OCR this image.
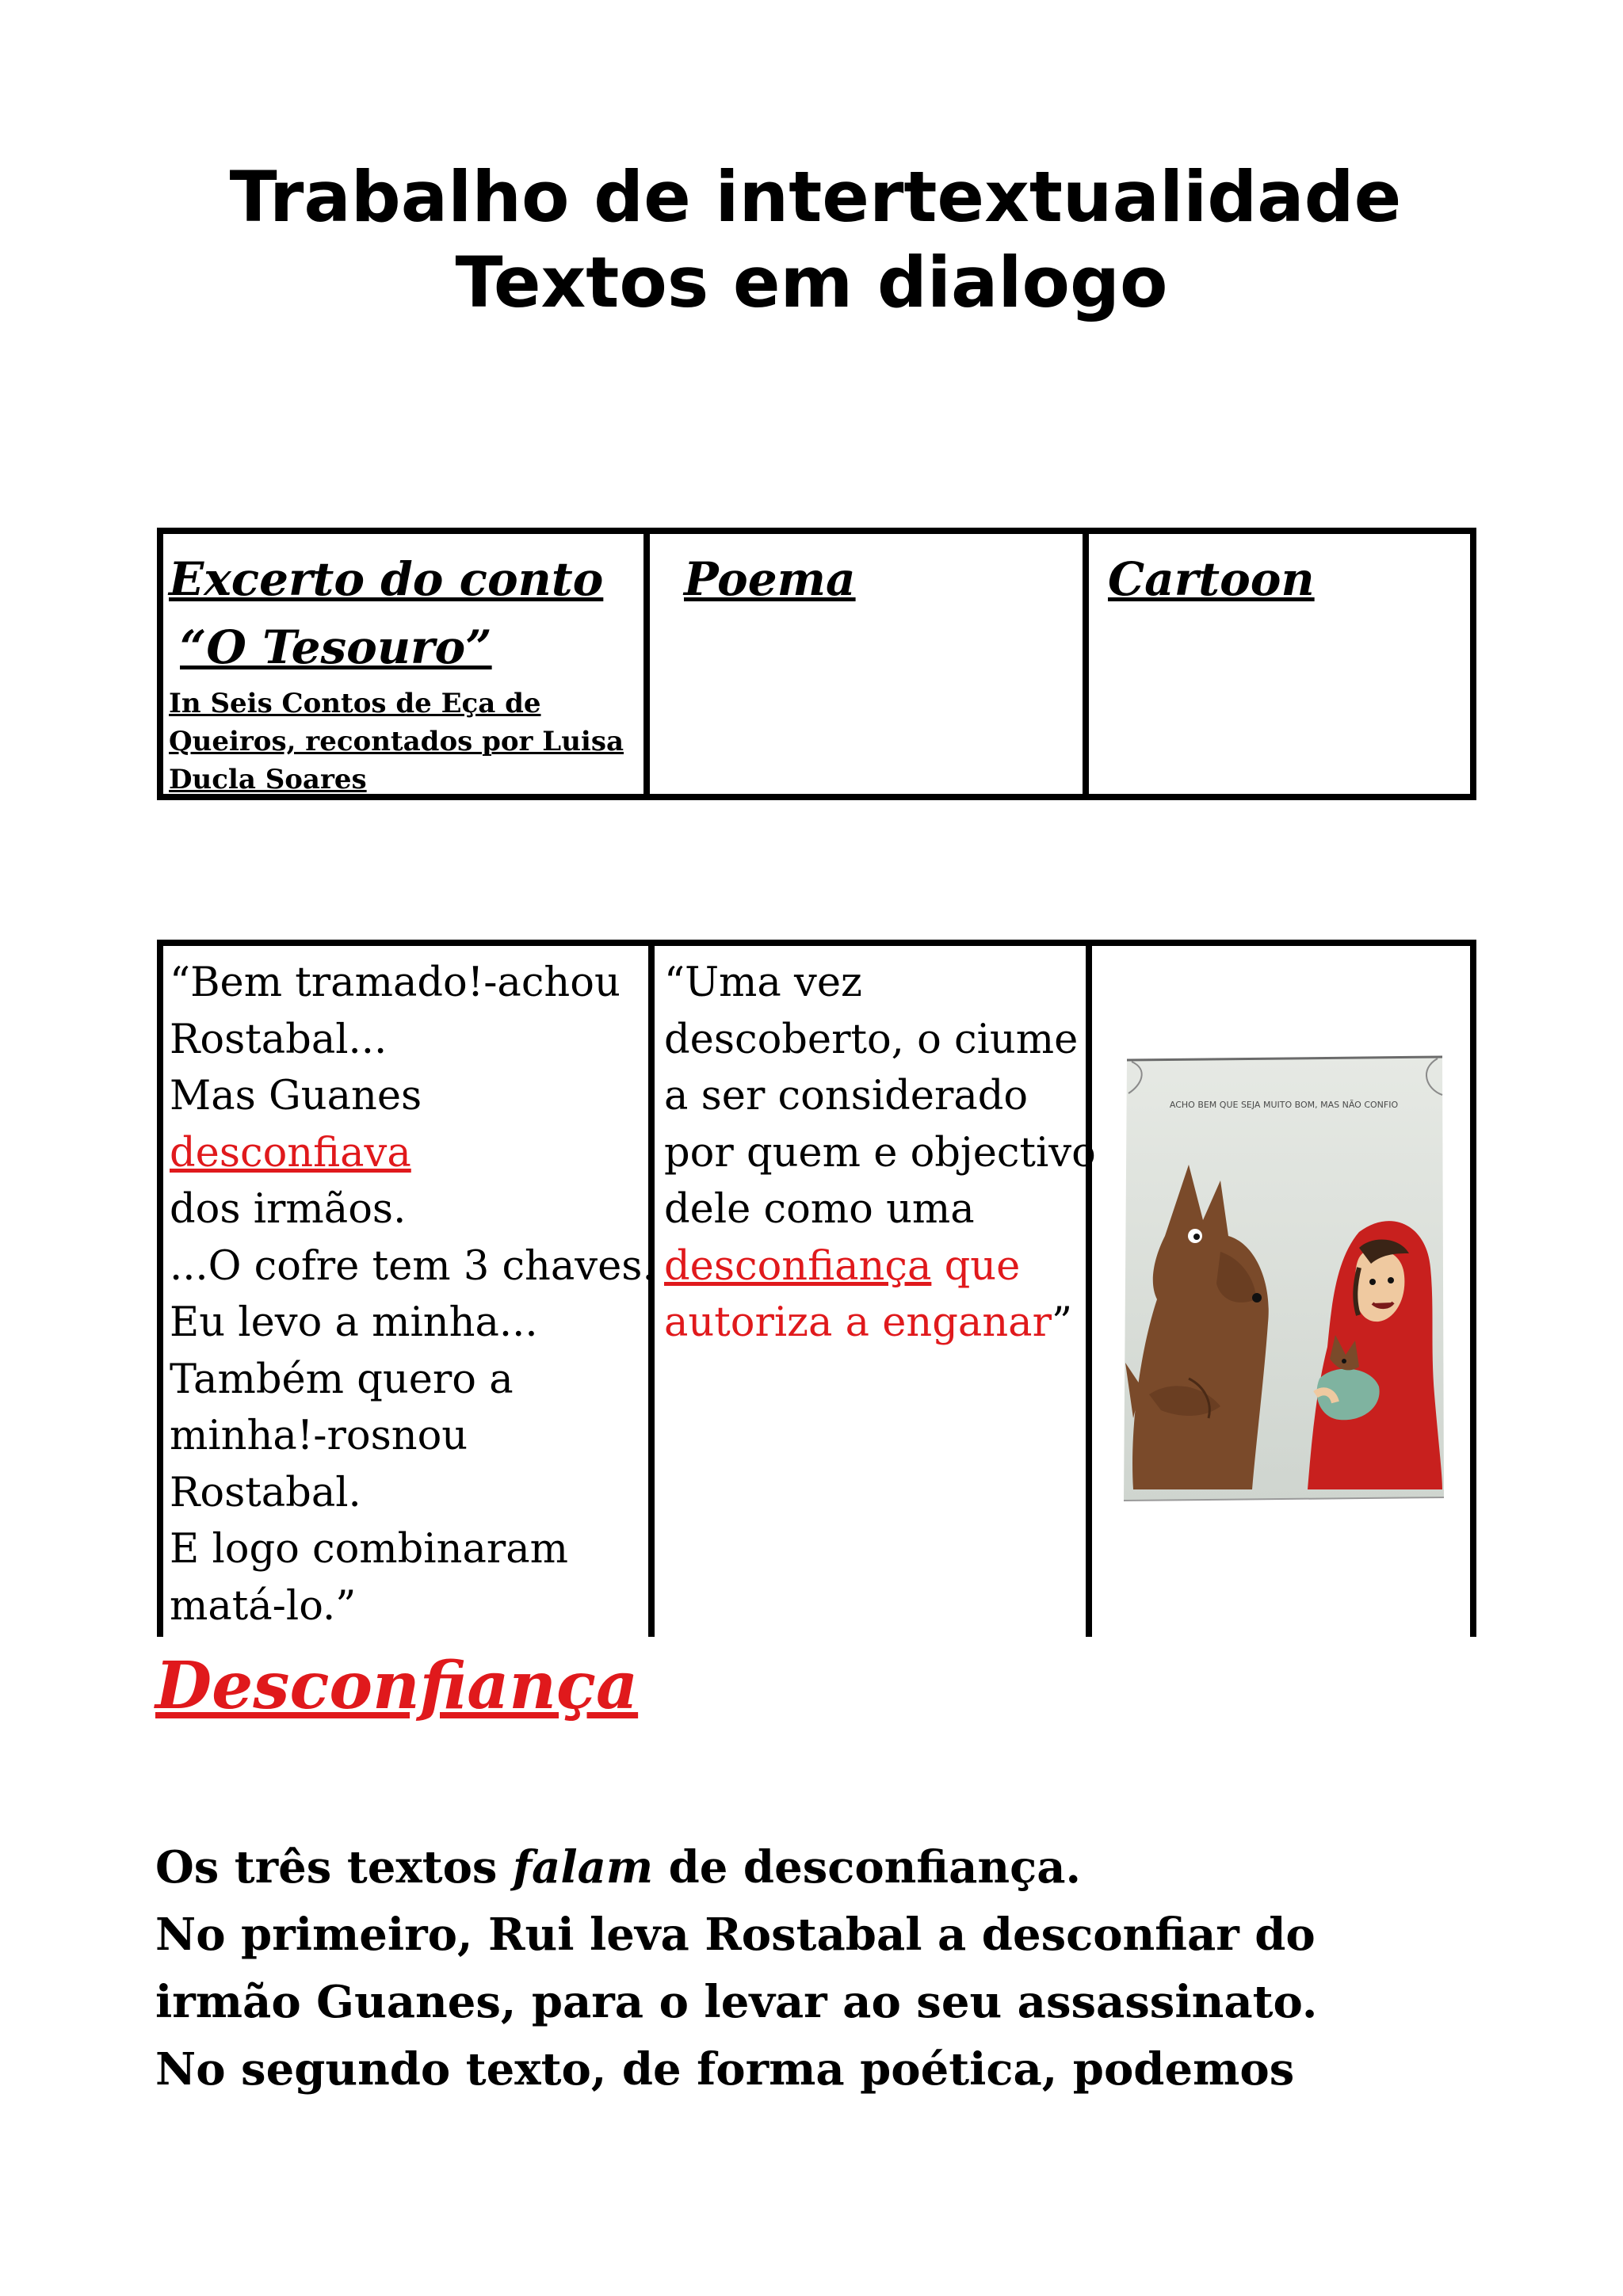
Trabalho de intertextualidade
Textos em dialogo
Excerto do conto
“O Tesouro”
In Seis Contos de Eça de
Queiros, recontados por Luisa
Ducla Soares
Poema	Cartoon
“Bem tramado!-achou
Rostabal...
Mas Guanes
desconfiava
dos irmãos.
...O cofre tem 3 chaves.
Eu levo a minha...
Também quero a
minha!-rosnou
Rostabal.
E logo combinaram
matá-lo.”
“Uma vez
descoberto, o ciume
a ser considerado
por quem e objectivo
dele como uma
desconfiança que
autoriza a enganar”
ACHO BEM QUE SEJA MUITO BOM, MAS NÃO CONFIO
Desconfiança
Os três textos falam de desconfiança.
No primeiro, Rui leva Rostabal a desconfiar do
irmão Guanes, para o levar ao seu assassinato.
No segundo texto, de forma poética, podemos
